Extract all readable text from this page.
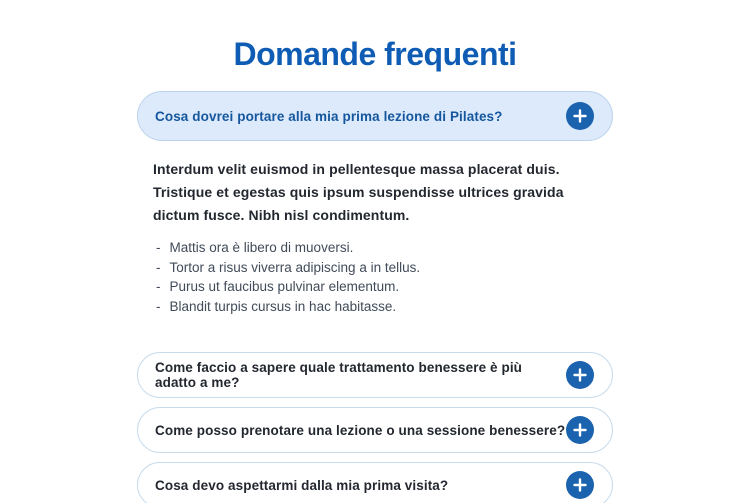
Domande frequenti
Cosa dovrei portare alla mia prima lezione di Pilates?

Interdum velit euismod in pellentesque massa placerat duis. Tristique et egestas quis ipsum suspendisse ultrices gravida dictum fusce. Nibh nisl condimentum.

- Mattis ora è libero di muoversi.
- Tortor a risus viverra adipiscing a in tellus.
- Purus ut faucibus pulvinar elementum.
- Blandit turpis cursus in hac habitasse.
Come faccio a sapere quale trattamento benessere è più adatto a me?
Come posso prenotare una lezione o una sessione benessere?
Cosa devo aspettarmi dalla mia prima visita?
